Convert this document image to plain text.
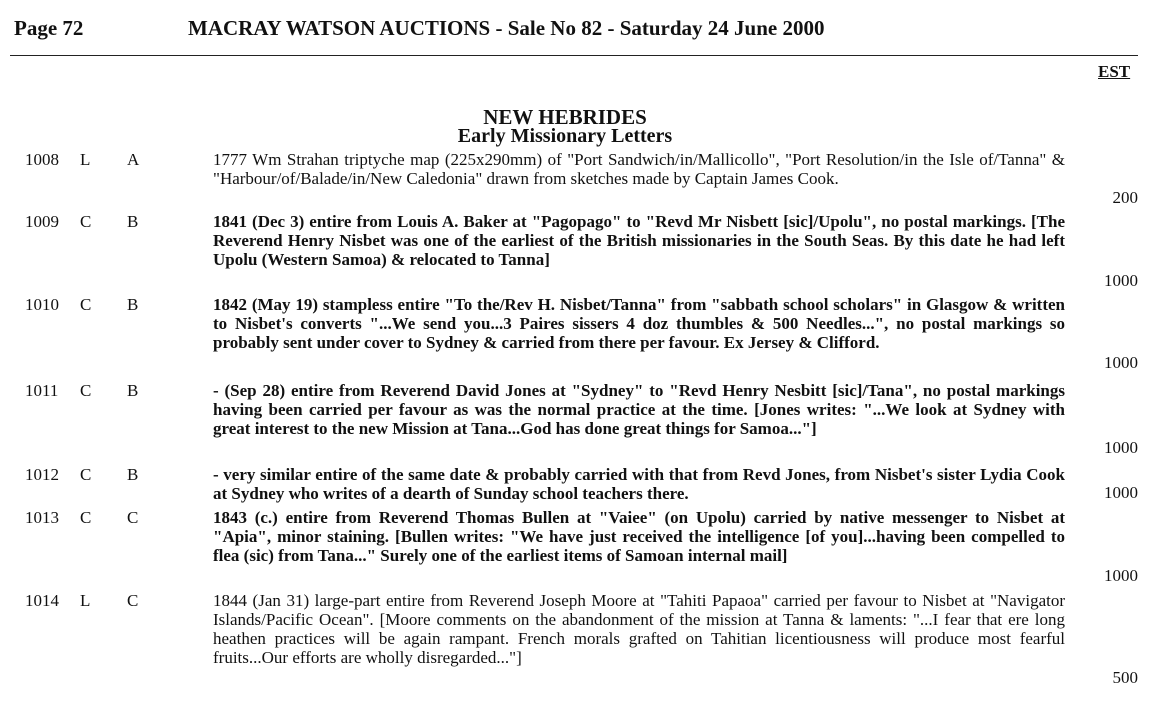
Page 72	MACRAY WATSON AUCTIONS - Sale No 82 - Saturday 24 June 2000
EST
NEW HEBRIDES
Early Missionary Letters
1008 L A	1777 Wm Strahan triptyche map (225x290mm) of "Port Sandwich/in/Mallicollo", "Port Resolution/in the Isle of/Tanna" & "Harbour/of/Balade/in/New Caledonia" drawn from sketches made by Captain James Cook.
200
1009 C B	1841 (Dec 3) entire from Louis A. Baker at "Pagopago" to "Revd Mr Nisbett [sic]/Upolu", no postal markings. [The Reverend Henry Nisbet was one of the earliest of the British missionaries in the South Seas. By this date he had left Upolu (Western Samoa) & relocated to Tanna]
1000
1010 C B	1842 (May 19) stampless entire "To the/Rev H. Nisbet/Tanna" from "sabbath school scholars" in Glasgow & written to Nisbet's converts "...We send you...3 Paires sissers 4 doz thumbles & 500 Needles...", no postal markings so probably sent under cover to Sydney & carried from there per favour. Ex Jersey & Clifford.
1000
1011 C B	- (Sep 28) entire from Reverend David Jones at "Sydney" to "Revd Henry Nesbitt [sic]/Tana", no postal markings having been carried per favour as was the normal practice at the time. [Jones writes: "...We look at Sydney with great interest to the new Mission at Tana...God has done great things for Samoa..."]
1000
1012 C B	- very similar entire of the same date & probably carried with that from Revd Jones, from Nisbet's sister Lydia Cook at Sydney who writes of a dearth of Sunday school teachers there.	1000
1013 C C	1843 (c.) entire from Reverend Thomas Bullen at "Vaiee" (on Upolu) carried by native messenger to Nisbet at "Apia", minor staining. [Bullen writes: "We have just received the intelligence [of you]...having been compelled to flea (sic) from Tana..." Surely one of the earliest items of Samoan internal mail]
1000
1014 L C	1844 (Jan 31) large-part entire from Reverend Joseph Moore at "Tahiti Papaoa" carried per favour to Nisbet at "Navigator Islands/Pacific Ocean". [Moore comments on the abandonment of the mission at Tanna & laments: "...I fear that ere long heathen practices will be again rampant. French morals grafted on Tahitian licentiousness will produce most fearful fruits...Our efforts are wholly disregarded..."]
500
